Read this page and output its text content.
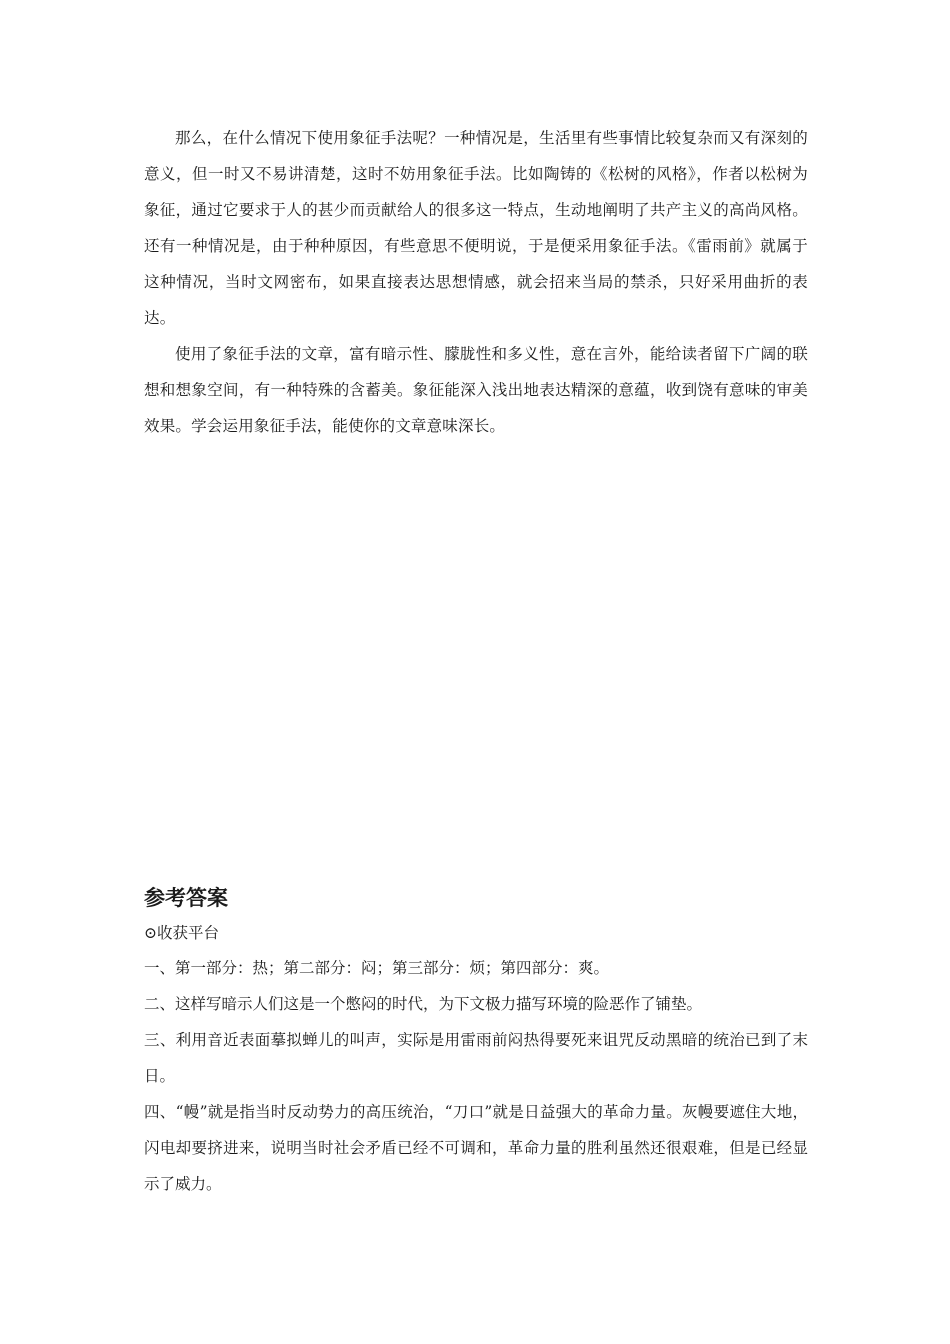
那么，在什么情况下使用象征手法呢？一种情况是，生活里有些事情比较复杂而又有深刻的意义，但一时又不易讲清楚，这时不妨用象征手法。比如陶铸的《松树的风格》，作者以松树为象征，通过它要求于人的甚少而贡献给人的很多这一特点，生动地阐明了共产主义的高尚风格。还有一种情况是，由于种种原因，有些意思不便明说，于是便采用象征手法。《雷雨前》就属于这种情况，当时文网密布，如果直接表达思想情感，就会招来当局的禁杀，只好采用曲折的表达。

使用了象征手法的文章，富有暗示性、朦胧性和多义性，意在言外，能给读者留下广阔的联想和想象空间，有一种特殊的含蓄美。象征能深入浅出地表达精深的意蕴，收到饶有意味的审美效果。学会运用象征手法，能使你的文章意味深长。

参考答案

⊙收获平台

一、第一部分：热；第二部分：闷；第三部分：烦；第四部分：爽。

二、这样写暗示人们这是一个憋闷的时代，为下文极力描写环境的险恶作了铺垫。

三、利用音近表面摹拟蝉儿的叫声，实际是用雷雨前闷热得要死来诅咒反动黑暗的统治已到了末日。

四、“幔”就是指当时反动势力的高压统治，“刀口”就是日益强大的革命力量。灰幔要遮住大地，闪电却要挤进来，说明当时社会矛盾已经不可调和，革命力量的胜利虽然还很艰难，但是已经显示了威力。
